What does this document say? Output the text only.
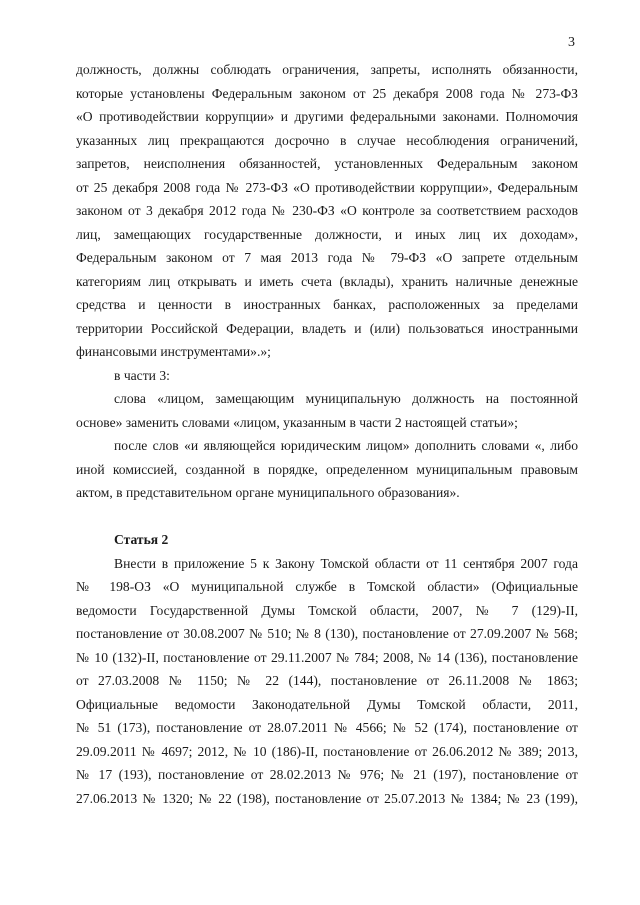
3
должность, должны соблюдать ограничения, запреты, исполнять обязанности,
которые установлены Федеральным законом от 25 декабря 2008 года № 273-ФЗ
«О противодействии коррупции» и другими федеральными законами. Полномочия
указанных лиц прекращаются досрочно в случае несоблюдения ограничений,
запретов, неисполнения обязанностей, установленных Федеральным законом
от 25 декабря 2008 года № 273-ФЗ «О противодействии коррупции», Федеральным
законом от 3 декабря 2012 года № 230-ФЗ «О контроле за соответствием расходов
лиц, замещающих государственные должности, и иных лиц их доходам»,
Федеральным законом от 7 мая 2013 года № 79-ФЗ «О запрете отдельным
категориям лиц открывать и иметь счета (вклады), хранить наличные денежные
средства и ценности в иностранных банках, расположенных за пределами
территории Российской Федерации, владеть и (или) пользоваться иностранными
финансовыми инструментами».»;
в части 3:
слова «лицом, замещающим муниципальную должность на постоянной
основе» заменить словами «лицом, указанным в части 2 настоящей статьи»;
после слов «и являющейся юридическим лицом» дополнить словами «, либо
иной комиссией, созданной в порядке, определенном муниципальным правовым
актом, в представительном органе муниципального образования».
Статья 2
Внести в приложение 5 к Закону Томской области от 11 сентября 2007 года
№ 198-ОЗ «О муниципальной службе в Томской области» (Официальные
ведомости Государственной Думы Томской области, 2007, № 7 (129)-II,
постановление от 30.08.2007 № 510; № 8 (130), постановление от 27.09.2007 № 568;
№ 10 (132)-II, постановление от 29.11.2007 № 784; 2008, № 14 (136), постановление
от 27.03.2008 № 1150; № 22 (144), постановление от 26.11.2008 № 1863;
Официальные ведомости Законодательной Думы Томской области, 2011,
№ 51 (173), постановление от 28.07.2011 № 4566; № 52 (174), постановление от
29.09.2011 № 4697; 2012, № 10 (186)-II, постановление от 26.06.2012 № 389; 2013,
№ 17 (193), постановление от 28.02.2013 № 976; № 21 (197), постановление от
27.06.2013 № 1320; № 22 (198), постановление от 25.07.2013 № 1384; № 23 (199),
